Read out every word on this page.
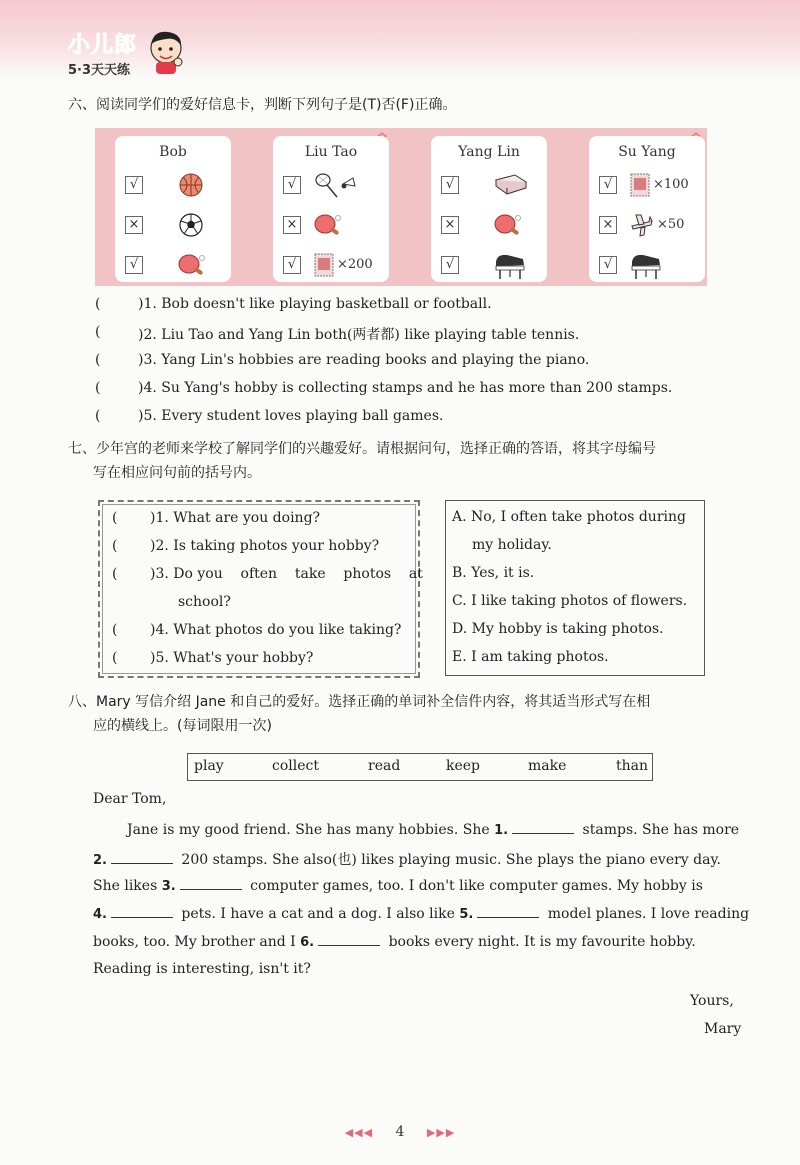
小儿郎
5·3天天练
六、阅读同学们的爱好信息卡，判断下列句子是(T)否(F)正确。
Bob
√
×
√
Liu Tao
√
×
√	×200
Yang Lin
√
×
√
Su Yang
√	×100
×	×50
√
(	)1. Bob doesn't like playing basketball or football.
(	)2. Liu Tao and Yang Lin both(两者都) like playing table tennis.
(	)3. Yang Lin's hobbies are reading books and playing the piano.
(	)4. Su Yang's hobby is collecting stamps and he has more than 200 stamps.
(	)5. Every student loves playing ball games.
七、少年宫的老师来学校了解同学们的兴趣爱好。请根据问句，选择正确的答语，将其字母编号
写在相应问句前的括号内。
( )1. What are you doing?
( )2. Is taking photos your hobby?
( )3. Do you    often    take    photos    at
school?
( )4. What photos do you like taking?
( )5. What's your hobby?
A. No, I often take photos during
my holiday.
B. Yes, it is.
C. I like taking photos of flowers.
D. My hobby is taking photos.
E. I am taking photos.
八、Mary 写信介绍 Jane 和自己的爱好。选择正确的单词补全信件内容，将其适当形式写在相
应的横线上。(每词限用一次)
play	collect	read	keep	make	than
Dear Tom,
Jane is my good friend. She has many hobbies. She 1.	stamps. She has more
2.	200 stamps. She also(也) likes playing music. She plays the piano every day.
She likes 3.	computer games, too. I don't like computer games. My hobby is
4.	pets. I have a cat and a dog. I also like 5.	model planes. I love reading
books, too. My brother and I 6.	books every night. It is my favourite hobby.
Reading is interesting, isn't it?
Yours,
Mary
◀◀◀ 4 ▶▶▶
